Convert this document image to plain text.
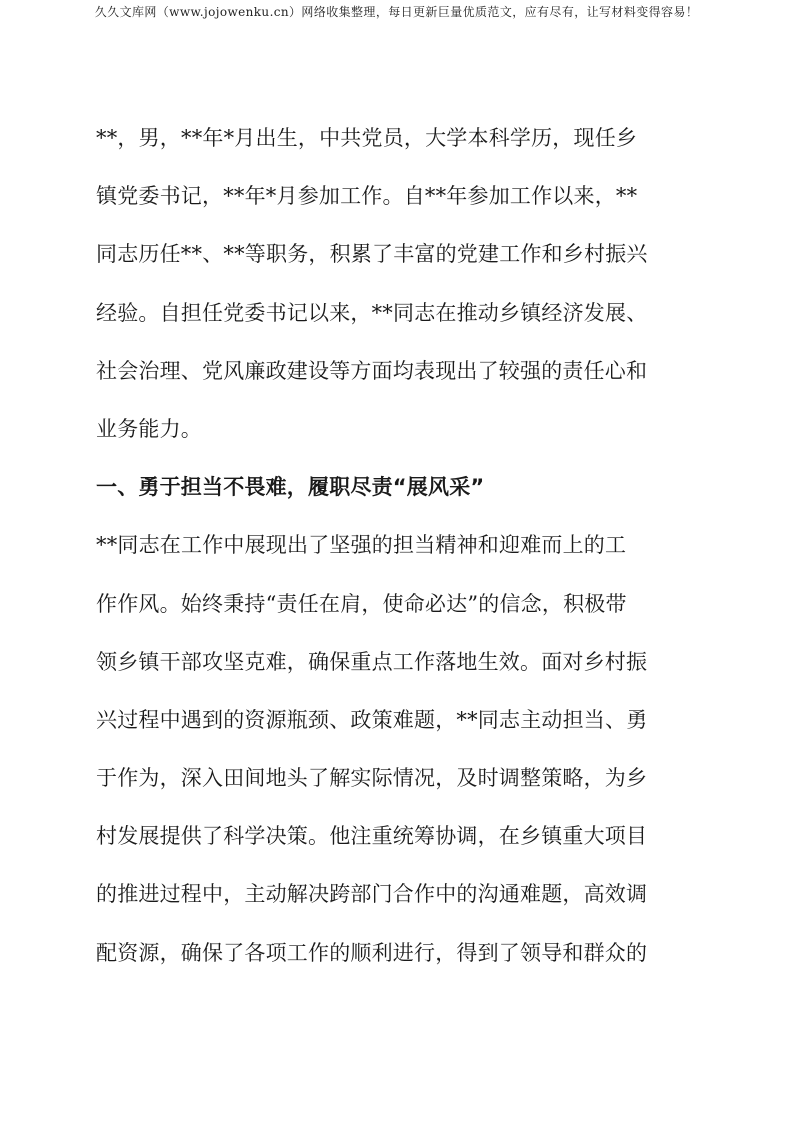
久久文库网（www.jojowenku.cn）网络收集整理，每日更新巨量优质范文，应有尽有，让写材料变得容易！
**，男，**年*月出生，中共党员，大学本科学历，现任乡
镇党委书记，**年*月参加工作。自**年参加工作以来，**
同志历任**、**等职务，积累了丰富的党建工作和乡村振兴
经验。自担任党委书记以来，**同志在推动乡镇经济发展、
社会治理、党风廉政建设等方面均表现出了较强的责任心和
业务能力。
一、勇于担当不畏难，履职尽责“展风采”
**同志在工作中展现出了坚强的担当精神和迎难而上的工
作作风。始终秉持“责任在肩，使命必达”的信念，积极带
领乡镇干部攻坚克难，确保重点工作落地生效。面对乡村振
兴过程中遇到的资源瓶颈、政策难题，**同志主动担当、勇
于作为，深入田间地头了解实际情况，及时调整策略，为乡
村发展提供了科学决策。他注重统筹协调，在乡镇重大项目
的推进过程中，主动解决跨部门合作中的沟通难题，高效调
配资源，确保了各项工作的顺利进行，得到了领导和群众的
